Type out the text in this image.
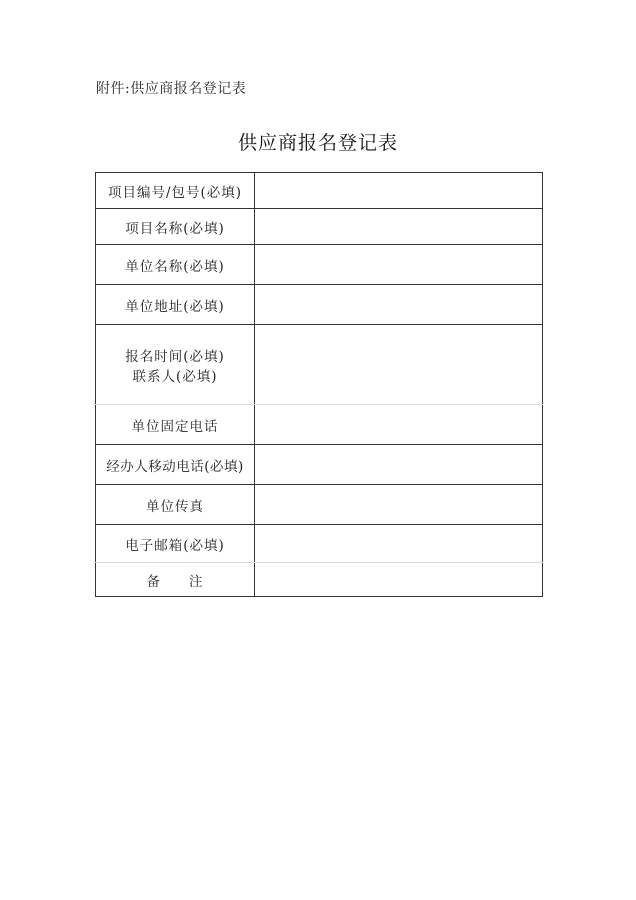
附件:供应商报名登记表
供应商报名登记表
项目编号/包号(必填)	
项目名称(必填)	
单位名称(必填)	
单位地址(必填)	

报名时间(必填)
联系人(必填)	

单位固定电话	
经办人移动电话(必填)	
单位传真	
电子邮箱(必填)	
备 注	
